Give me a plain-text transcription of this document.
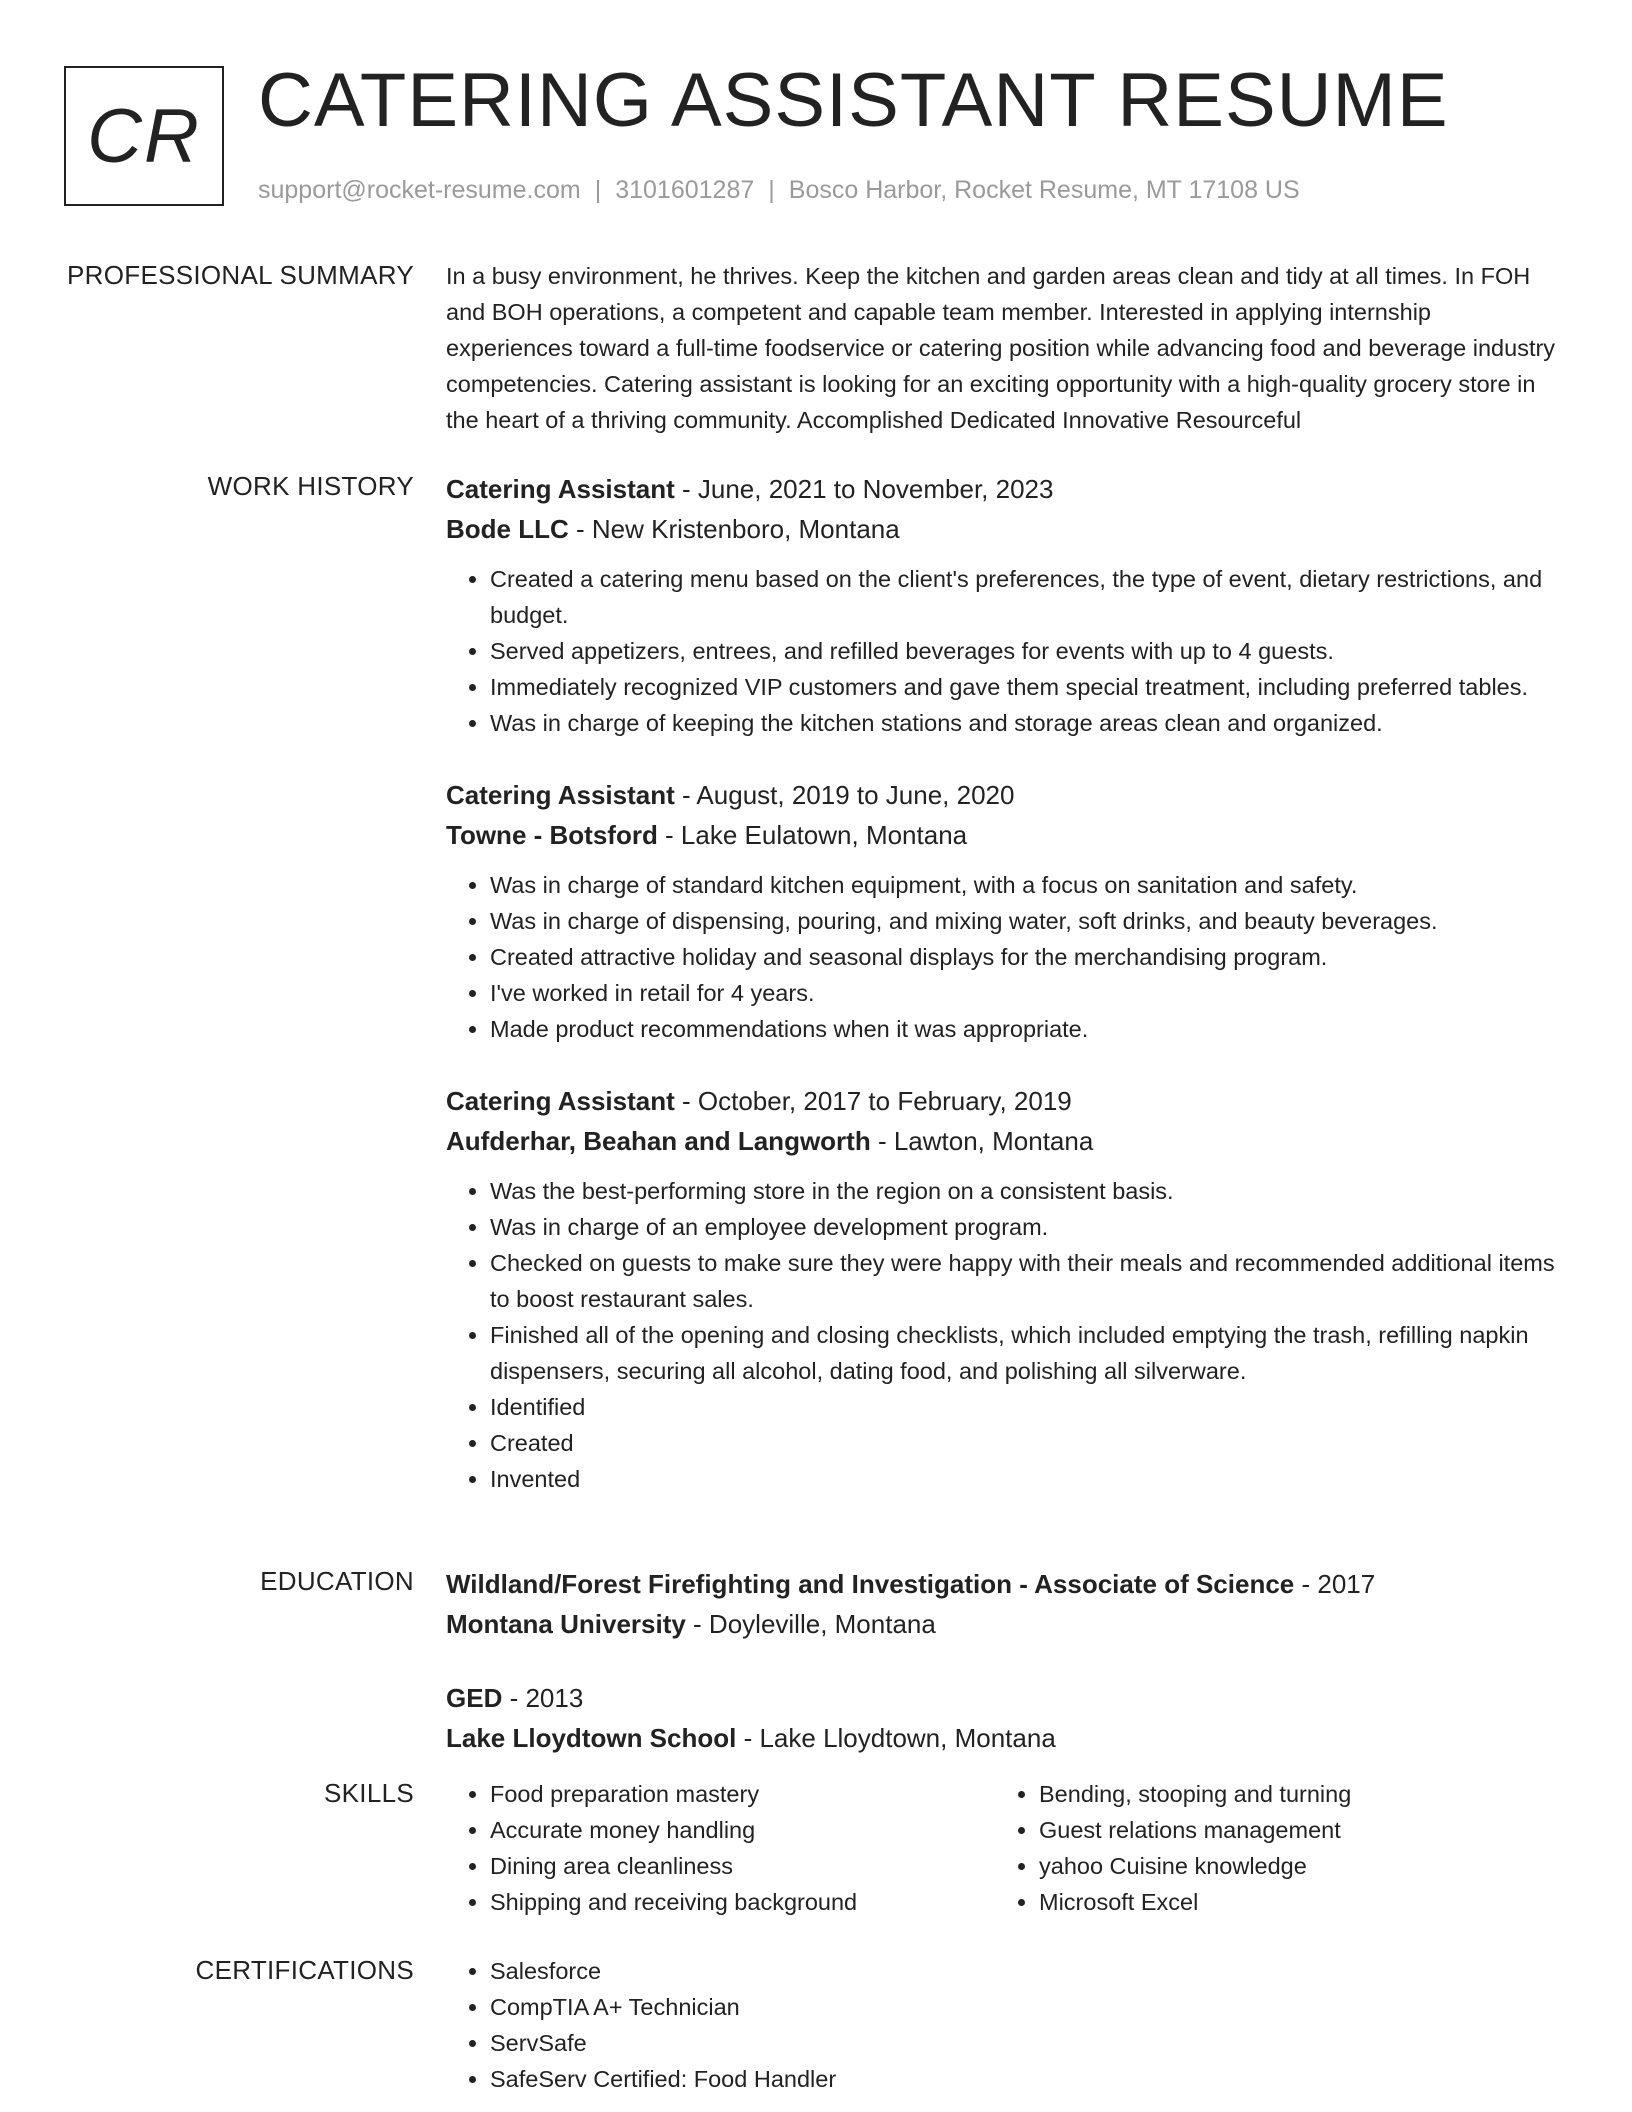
CR CATERING ASSISTANT RESUME
support@rocket-resume.com | 3101601287 | Bosco Harbor, Rocket Resume, MT 17108 US
PROFESSIONAL SUMMARY In a busy environment, he thrives. Keep the kitchen and garden areas clean and tidy at all times. In FOH and BOH operations, a competent and capable team member. Interested in applying internship experiences toward a full-time foodservice or catering position while advancing food and beverage industry competencies. Catering assistant is looking for an exciting opportunity with a high-quality grocery store in the heart of a thriving community. Accomplished Dedicated Innovative Resourceful

WORK HISTORY Catering Assistant - June, 2021 to November, 2023
Bode LLC - New Kristenboro, Montana
• Created a catering menu based on the client's preferences, the type of event, dietary restrictions, and budget.
• Served appetizers, entrees, and refilled beverages for events with up to 4 guests.
• Immediately recognized VIP customers and gave them special treatment, including preferred tables.
• Was in charge of keeping the kitchen stations and storage areas clean and organized.
Catering Assistant - August, 2019 to June, 2020
Towne - Botsford - Lake Eulatown, Montana
• Was in charge of standard kitchen equipment, with a focus on sanitation and safety.
• Was in charge of dispensing, pouring, and mixing water, soft drinks, and beauty beverages.
• Created attractive holiday and seasonal displays for the merchandising program.
• I've worked in retail for 4 years.
• Made product recommendations when it was appropriate.
Catering Assistant - October, 2017 to February, 2019
Aufderhar, Beahan and Langworth - Lawton, Montana
• Was the best-performing store in the region on a consistent basis.
• Was in charge of an employee development program.
• Checked on guests to make sure they were happy with their meals and recommended additional items to boost restaurant sales.
• Finished all of the opening and closing checklists, which included emptying the trash, refilling napkin dispensers, securing all alcohol, dating food, and polishing all silverware.
• Identified
• Created
• Invented
EDUCATION Wildland/Forest Firefighting and Investigation - Associate of Science - 2017
Montana University - Doyleville, Montana
GED - 2013
Lake Lloydtown School - Lake Lloydtown, Montana
SKILLS	• Food preparation mastery
• Accurate money handling
• Dining area cleanliness
• Shipping and receiving background
• Bending, stooping and turning
• Guest relations management
• yahoo Cuisine knowledge
• Microsoft Excel
CERTIFICATIONS	• Salesforce
• CompTIA A+ Technician
• ServSafe
• SafeServ Certified: Food Handler
